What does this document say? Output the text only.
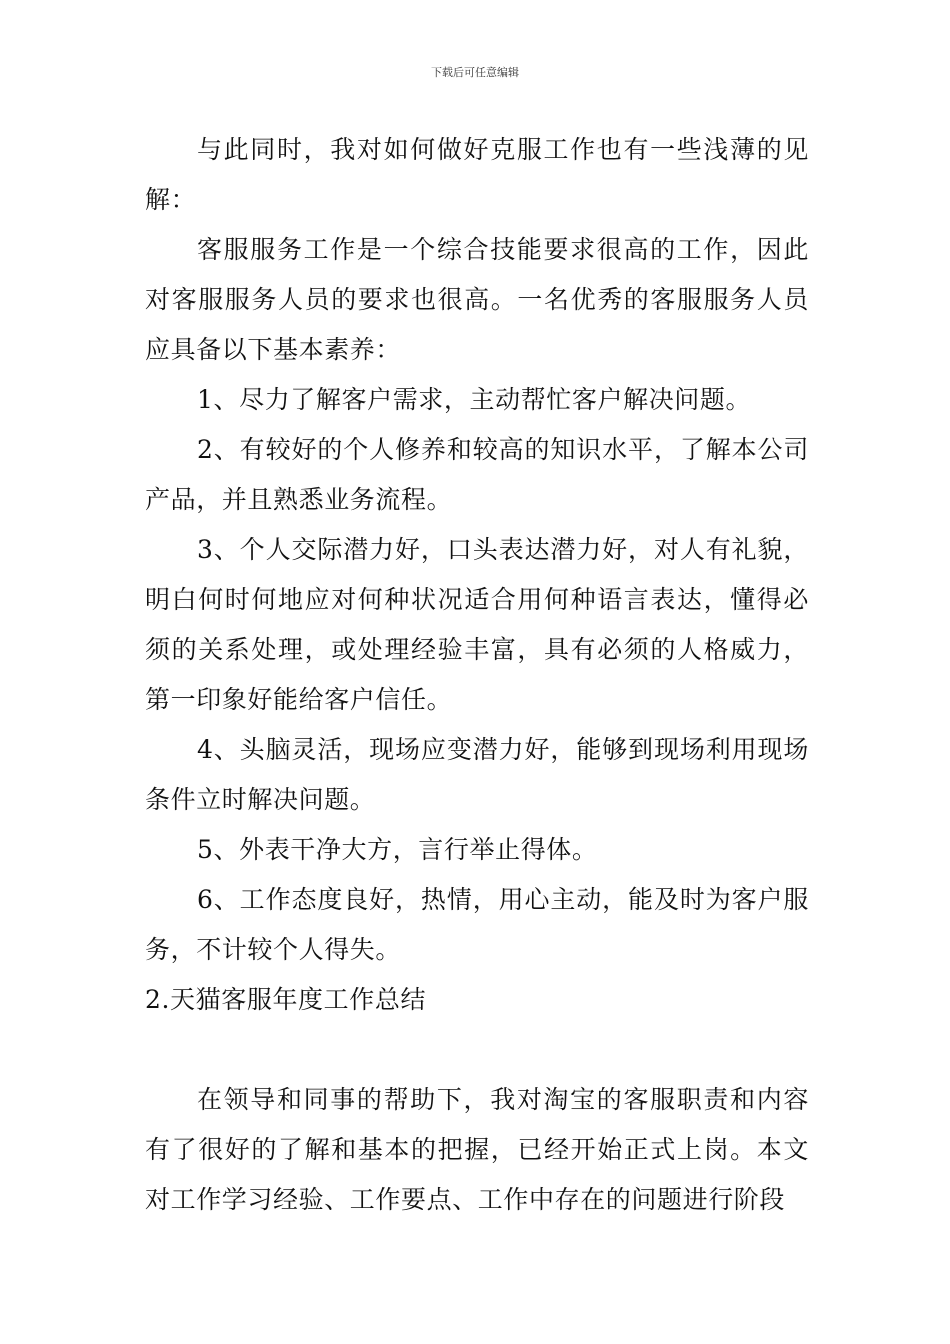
下载后可任意编辑

与此同时，我对如何做好克服工作也有一些浅薄的见解：

客服服务工作是一个综合技能要求很高的工作，因此对客服服务人员的要求也很高。一名优秀的客服服务人员应具备以下基本素养：

1、尽力了解客户需求，主动帮忙客户解决问题。

2、有较好的个人修养和较高的知识水平，了解本公司产品，并且熟悉业务流程。

3、个人交际潜力好，口头表达潜力好，对人有礼貌，明白何时何地应对何种状况适合用何种语言表达，懂得必须的关系处理，或处理经验丰富，具有必须的人格威力，第一印象好能给客户信任。

4、头脑灵活，现场应变潜力好，能够到现场利用现场条件立时解决问题。

5、外表干净大方，言行举止得体。

6、工作态度良好，热情，用心主动，能及时为客户服务，不计较个人得失。

2.天猫客服年度工作总结

在领导和同事的帮助下，我对淘宝的客服职责和内容有了很好的了解和基本的把握，已经开始正式上岗。本文对工作学习经验、工作要点、工作中存在的问题进行阶段
